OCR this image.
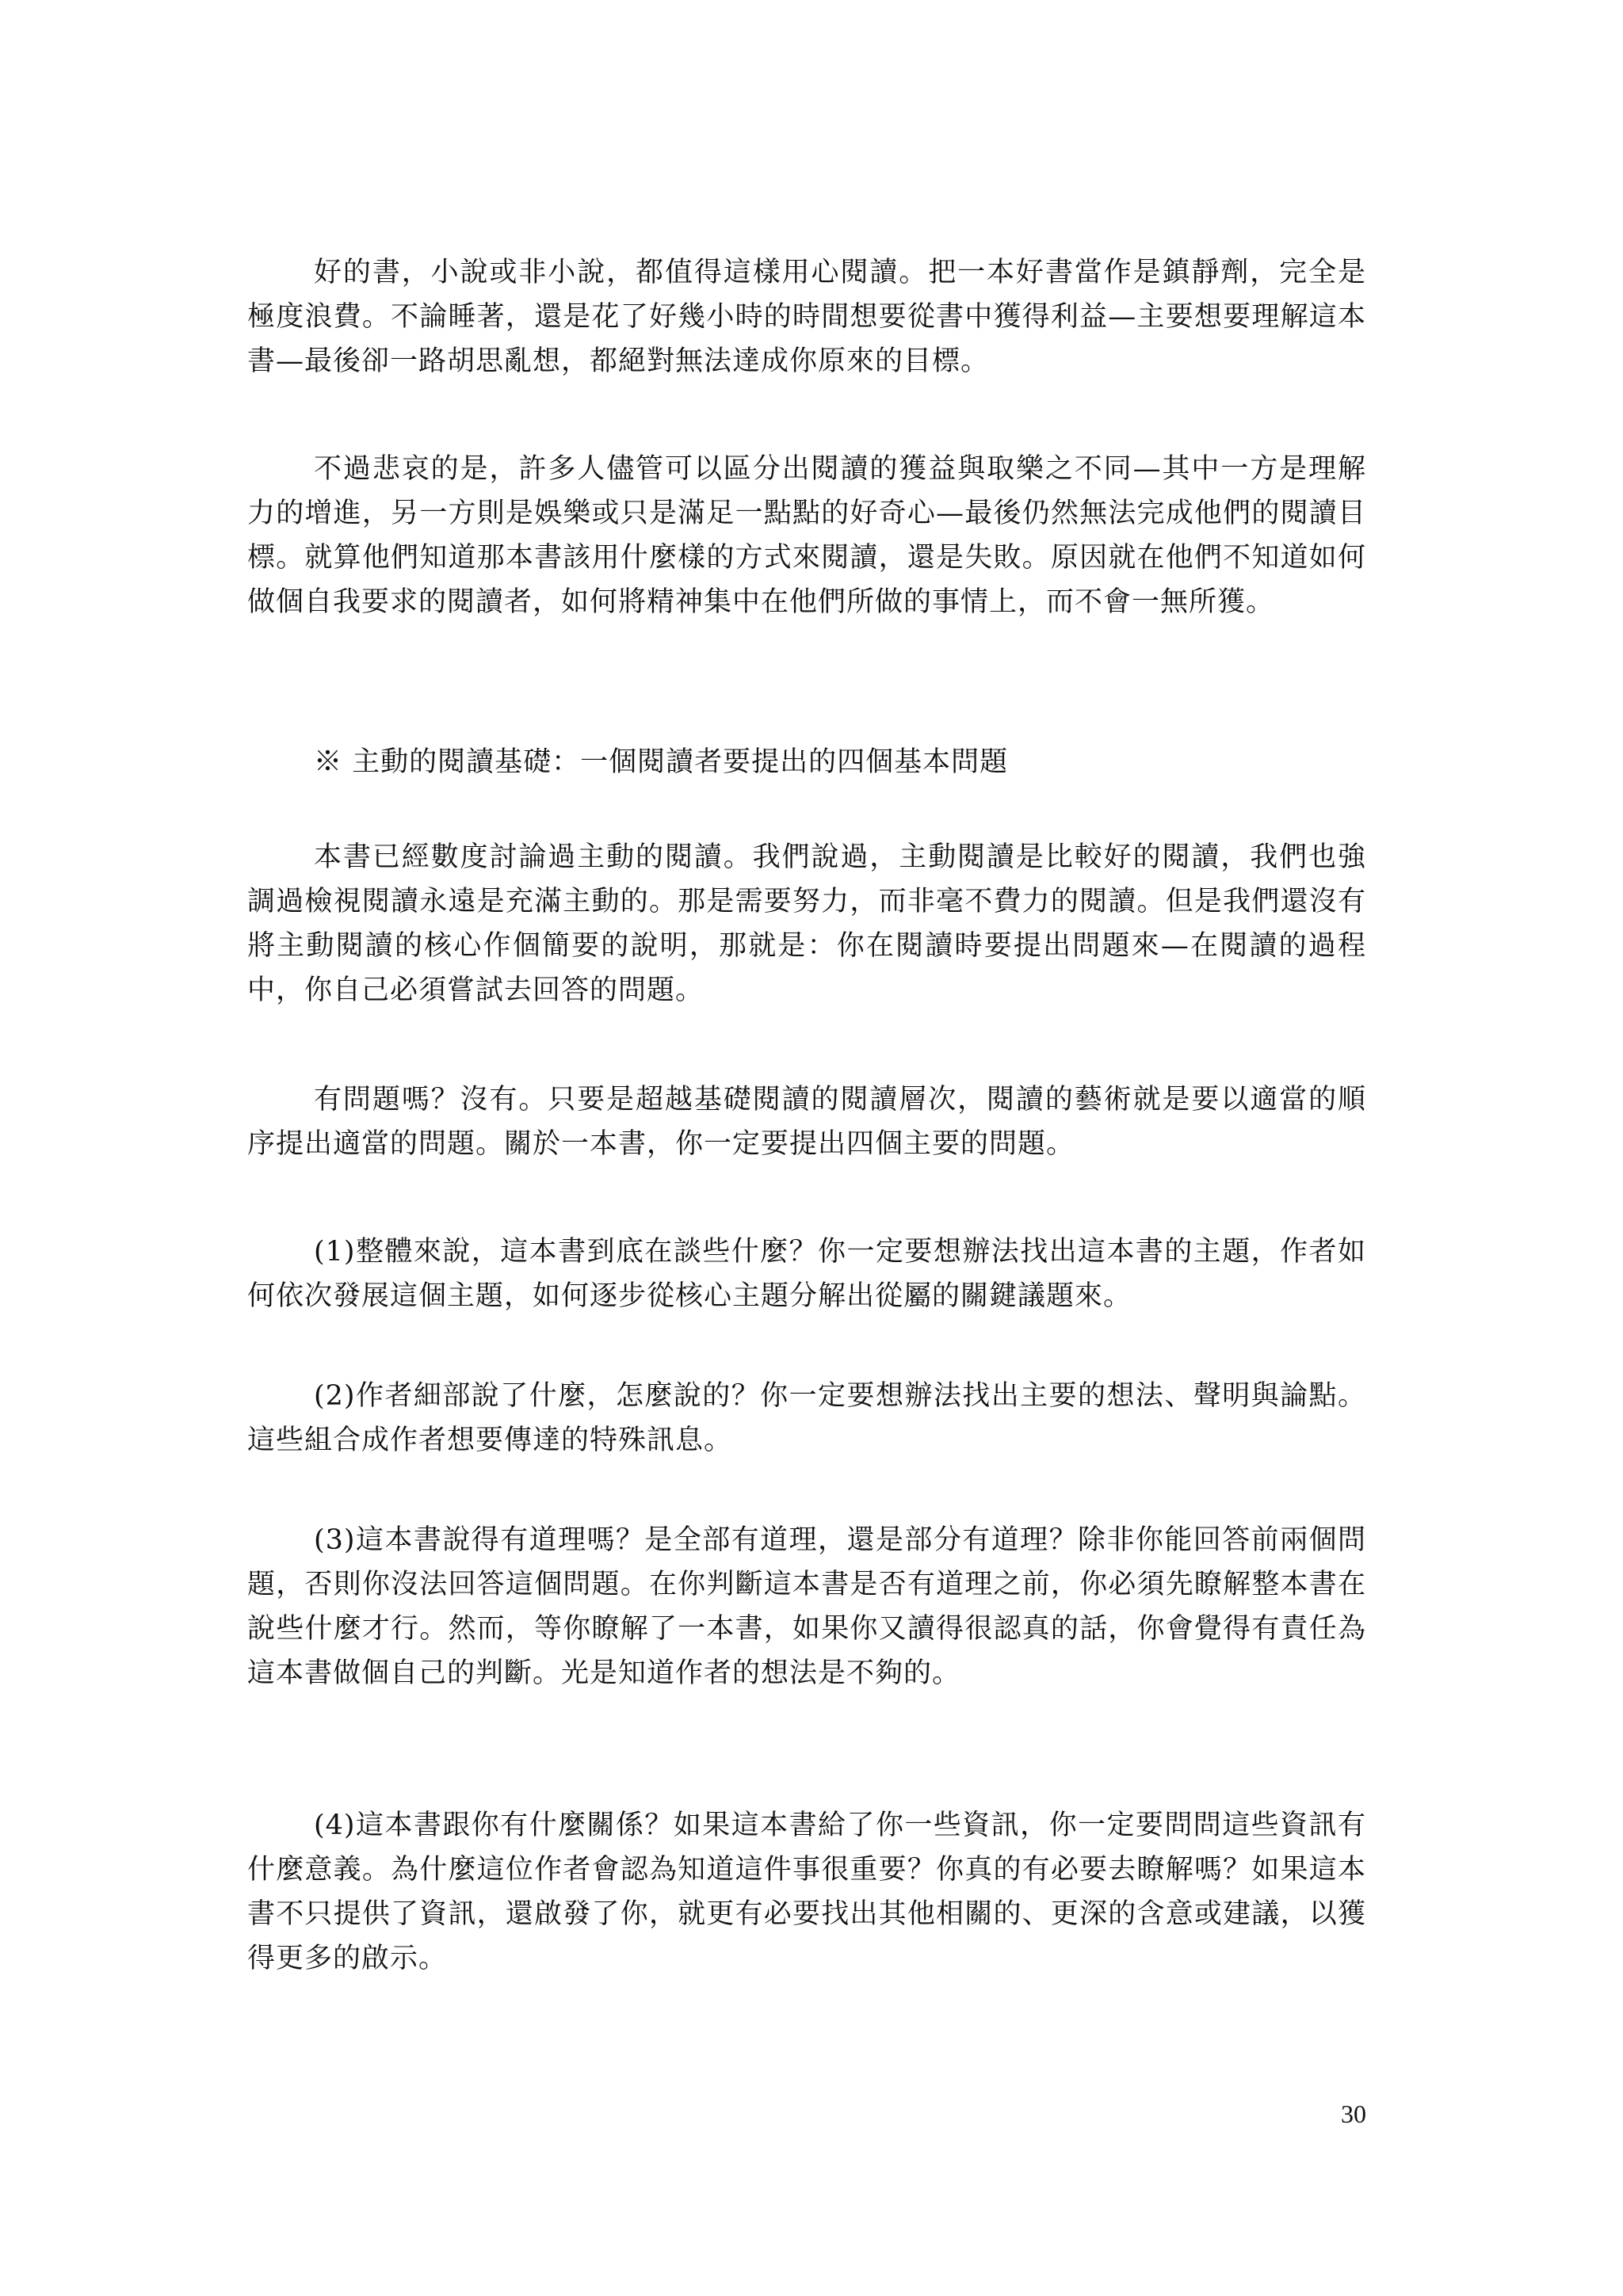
好的書，小說或非小說，都值得這樣用心閱讀。把一本好書當作是鎮靜劑，完全是極度浪費。不論睡著，還是花了好幾小時的時間想要從書中獲得利益—主要想要理解這本書—最後卻一路胡思亂想，都絕對無法達成你原來的目標。

不過悲哀的是，許多人儘管可以區分出閱讀的獲益與取樂之不同—其中一方是理解力的增進，另一方則是娛樂或只是滿足一點點的好奇心—最後仍然無法完成他們的閱讀目標。就算他們知道那本書該用什麼樣的方式來閱讀，還是失敗。原因就在他們不知道如何做個自我要求的閱讀者，如何將精神集中在他們所做的事情上，而不會一無所獲。

※ 主動的閱讀基礎：一個閱讀者要提出的四個基本問題

本書已經數度討論過主動的閱讀。我們說過，主動閱讀是比較好的閱讀，我們也強調過檢視閱讀永遠是充滿主動的。那是需要努力，而非毫不費力的閱讀。但是我們還沒有將主動閱讀的核心作個簡要的說明，那就是：你在閱讀時要提出問題來—在閱讀的過程中，你自己必須嘗試去回答的問題。

有問題嗎？沒有。只要是超越基礎閱讀的閱讀層次，閱讀的藝術就是要以適當的順序提出適當的問題。關於一本書，你一定要提出四個主要的問題。

(1)整體來說，這本書到底在談些什麼？你一定要想辦法找出這本書的主題，作者如何依次發展這個主題，如何逐步從核心主題分解出從屬的關鍵議題來。

(2)作者細部說了什麼，怎麼說的？你一定要想辦法找出主要的想法、聲明與論點。這些組合成作者想要傳達的特殊訊息。

(3)這本書說得有道理嗎？是全部有道理，還是部分有道理？除非你能回答前兩個問題，否則你沒法回答這個問題。在你判斷這本書是否有道理之前，你必須先瞭解整本書在說些什麼才行。然而，等你瞭解了一本書，如果你又讀得很認真的話，你會覺得有責任為這本書做個自己的判斷。光是知道作者的想法是不夠的。

(4)這本書跟你有什麼關係？如果這本書給了你一些資訊，你一定要問問這些資訊有什麼意義。為什麼這位作者會認為知道這件事很重要？你真的有必要去瞭解嗎？如果這本書不只提供了資訊，還啟發了你，就更有必要找出其他相關的、更深的含意或建議，以獲得更多的啟示。

30
